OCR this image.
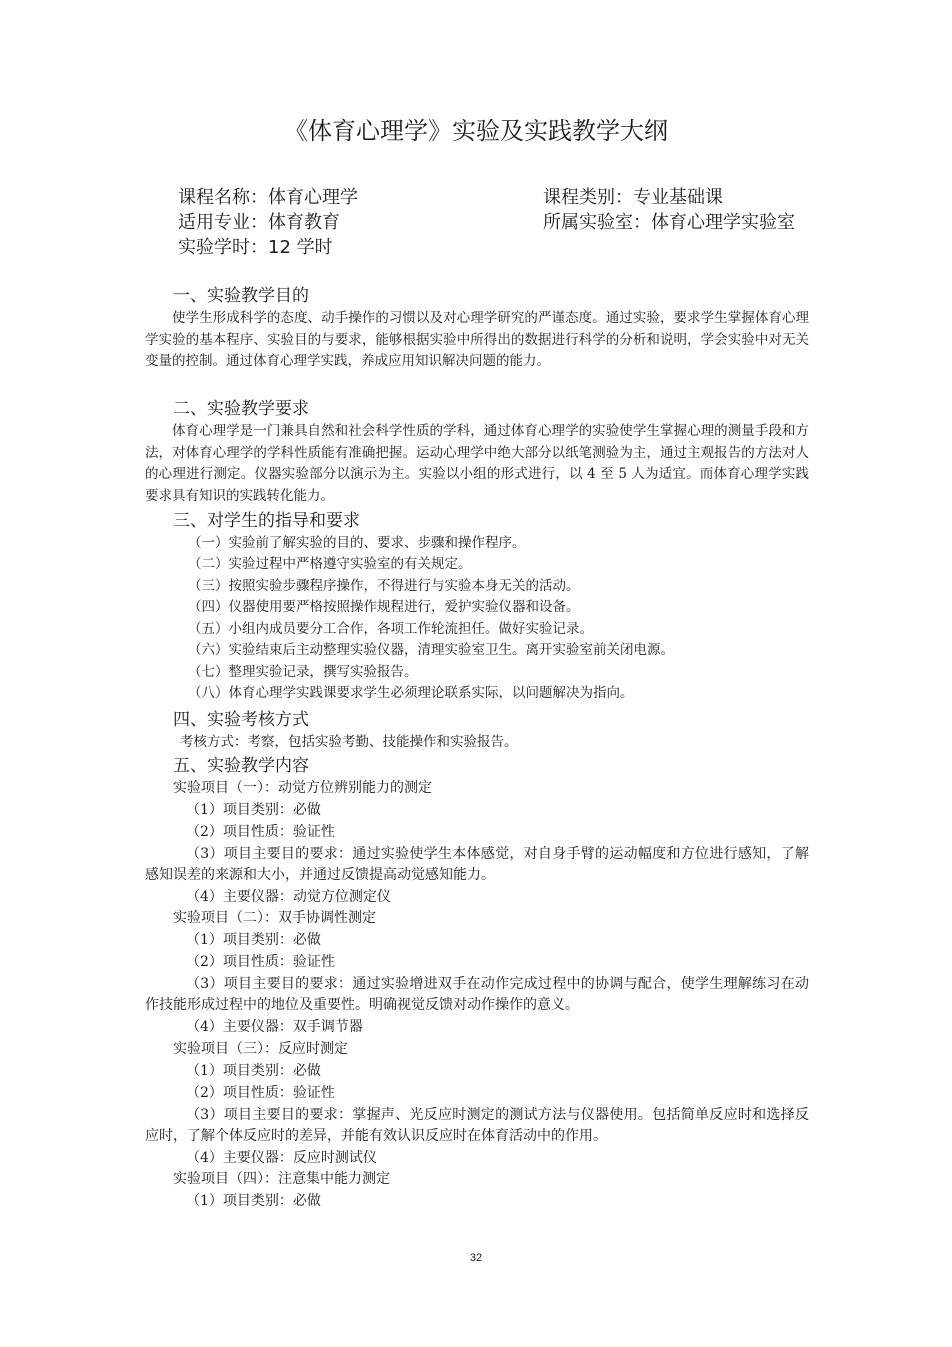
《体育心理学》实验及实践教学大纲
课程名称：体育心理学	课程类别：专业基础课
适用专业：体育教育	所属实验室：体育心理学实验室
实验学时：12 学时
一、实验教学目的

使学生形成科学的态度、动手操作的习惯以及对心理学研究的严谨态度。通过实验，要求学生掌握体育心理学实验的基本程序、实验目的与要求，能够根据实验中所得出的数据进行科学的分析和说明，学会实验中对无关变量的控制。通过体育心理学实践，养成应用知识解决问题的能力。

二、实验教学要求

体育心理学是一门兼具自然和社会科学性质的学科，通过体育心理学的实验使学生掌握心理的测量手段和方法，对体育心理学的学科性质能有准确把握。运动心理学中绝大部分以纸笔测验为主，通过主观报告的方法对人的心理进行测定。仪器实验部分以演示为主。实验以小组的形式进行，以 4 至 5 人为适宜。而体育心理学实践要求具有知识的实践转化能力。

三、对学生的指导和要求
（一）实验前了解实验的目的、要求、步骤和操作程序。
（二）实验过程中严格遵守实验室的有关规定。
（三）按照实验步骤程序操作，不得进行与实验本身无关的活动。
（四）仪器使用要严格按照操作规程进行，爱护实验仪器和设备。
（五）小组内成员要分工合作，各项工作轮流担任。做好实验记录。
（六）实验结束后主动整理实验仪器，清理实验室卫生。离开实验室前关闭电源。
（七）整理实验记录，撰写实验报告。
（八）体育心理学实践课要求学生必须理论联系实际，以问题解决为指向。
四、实验考核方式
考核方式：考察，包括实验考勤、技能操作和实验报告。
五、实验教学内容
实验项目（一）：动觉方位辨别能力的测定
（1）项目类别：必做
（2）项目性质：验证性

（3）项目主要目的要求：通过实验使学生本体感觉，对自身手臂的运动幅度和方位进行感知，了解感知误差的来源和大小，并通过反馈提高动觉感知能力。

（4）主要仪器：动觉方位测定仪
实验项目（二）：双手协调性测定
（1）项目类别：必做
（2）项目性质：验证性

（3）项目主要目的要求：通过实验增进双手在动作完成过程中的协调与配合，使学生理解练习在动作技能形成过程中的地位及重要性。明确视觉反馈对动作操作的意义。

（4）主要仪器：双手调节器
实验项目（三）：反应时测定
（1）项目类别：必做
（2）项目性质：验证性

（3）项目主要目的要求：掌握声、光反应时测定的测试方法与仪器使用。包括简单反应时和选择反应时，了解个体反应时的差异，并能有效认识反应时在体育活动中的作用。

（4）主要仪器：反应时测试仪
实验项目（四）：注意集中能力测定
（1）项目类别：必做
32
